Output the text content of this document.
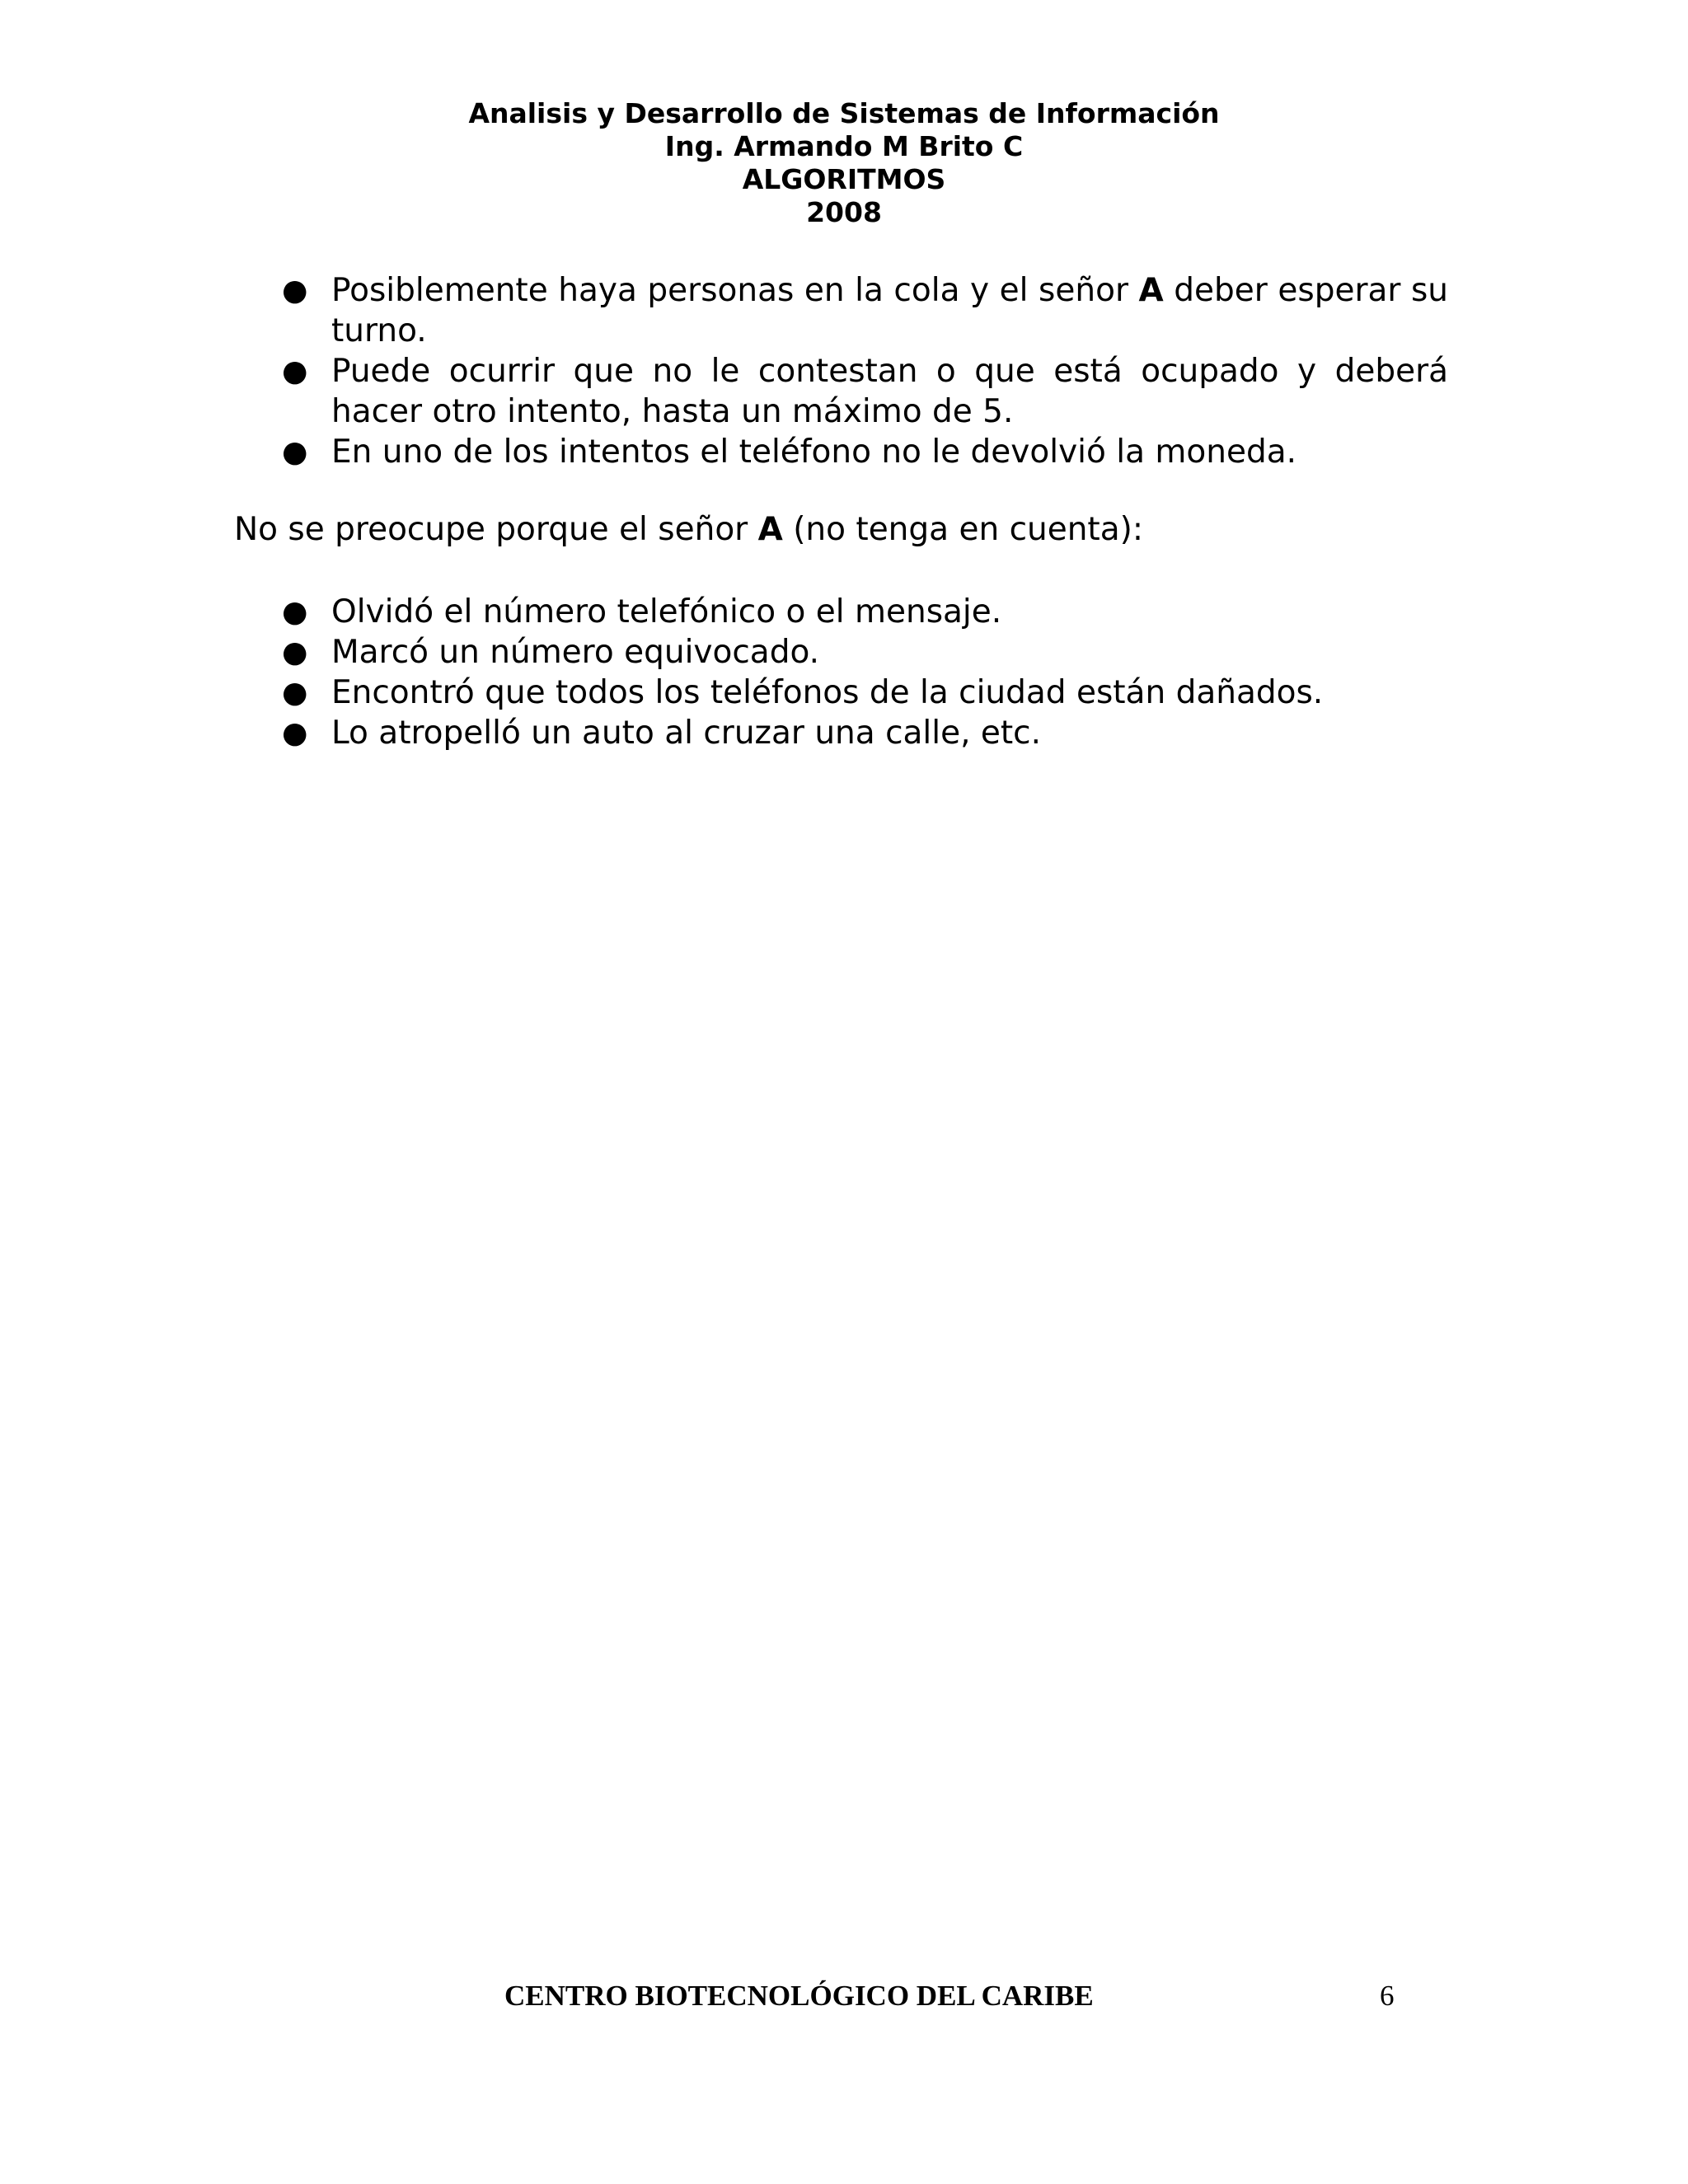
Analisis y Desarrollo de Sistemas de Información
Ing. Armando M Brito C
ALGORITMOS
2008
● Posiblemente haya personas en la cola y el señor A deber esperar su turno.
● Puede ocurrir que no le contestan o que está ocupado y deberá hacer otro intento, hasta un máximo de 5.
● En uno de los intentos el teléfono no le devolvió la moneda.

No se preocupe porque el señor A (no tenga en cuenta):

● Olvidó el número telefónico o el mensaje.
● Marcó un número equivocado.
● Encontró que todos los teléfonos de la ciudad están dañados.
● Lo atropelló un auto al cruzar una calle, etc.
CENTRO BIOTECNOLÓGICO DEL CARIBE	6
